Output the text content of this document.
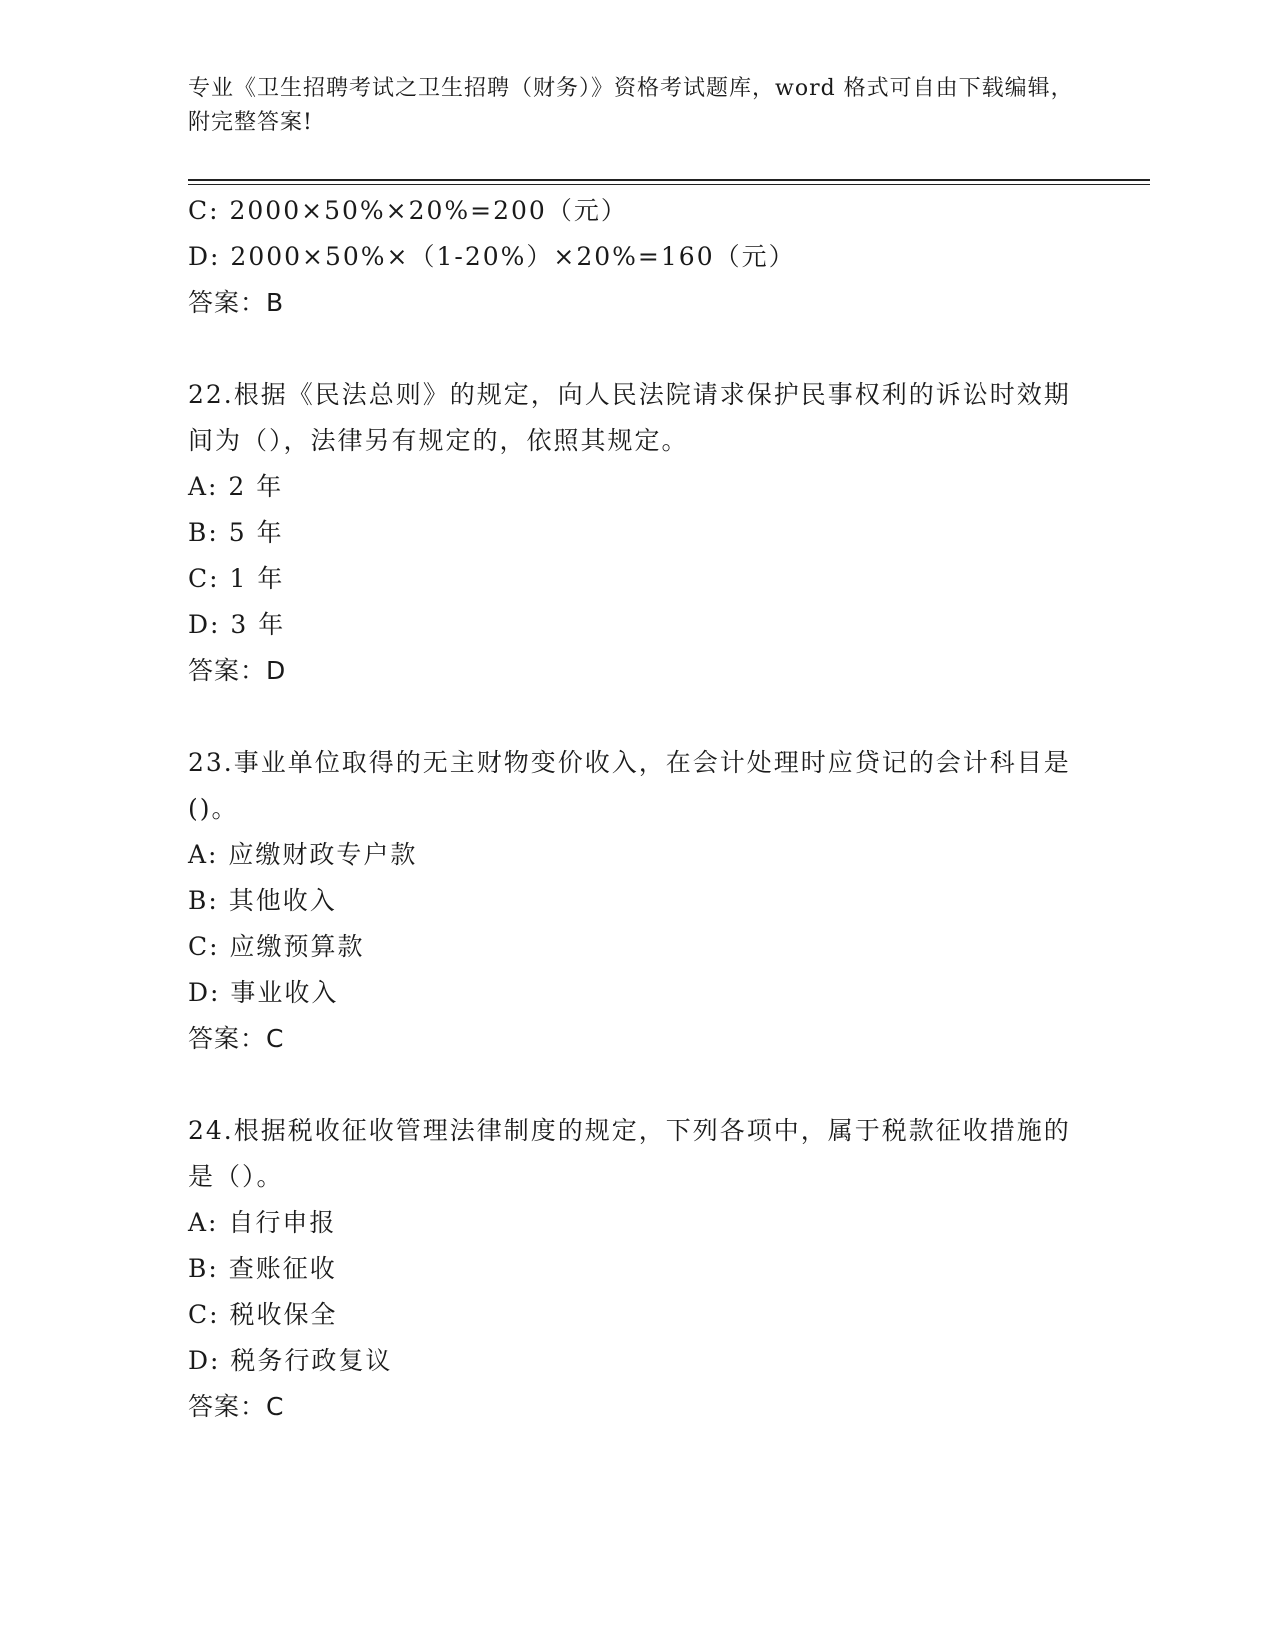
专业《卫生招聘考试之卫生招聘（财务）》资格考试题库，word 格式可自由下载编辑，附完整答案!
C: 2000×50%×20%=200（元）
D: 2000×50%×（1-20%）×20%=160（元）
答案：B
22.根据《民法总则》的规定，向人民法院请求保护民事权利的诉讼时效期间为（），法律另有规定的，依照其规定。
A: 2 年
B: 5 年
C: 1 年
D: 3 年
答案：D
23.事业单位取得的无主财物变价收入，在会计处理时应贷记的会计科目是()。
A: 应缴财政专户款
B: 其他收入
C: 应缴预算款
D: 事业收入
答案：C
24.根据税收征收管理法律制度的规定，下列各项中，属于税款征收措施的是（）。
A: 自行申报
B: 查账征收
C: 税收保全
D: 税务行政复议
答案：C
